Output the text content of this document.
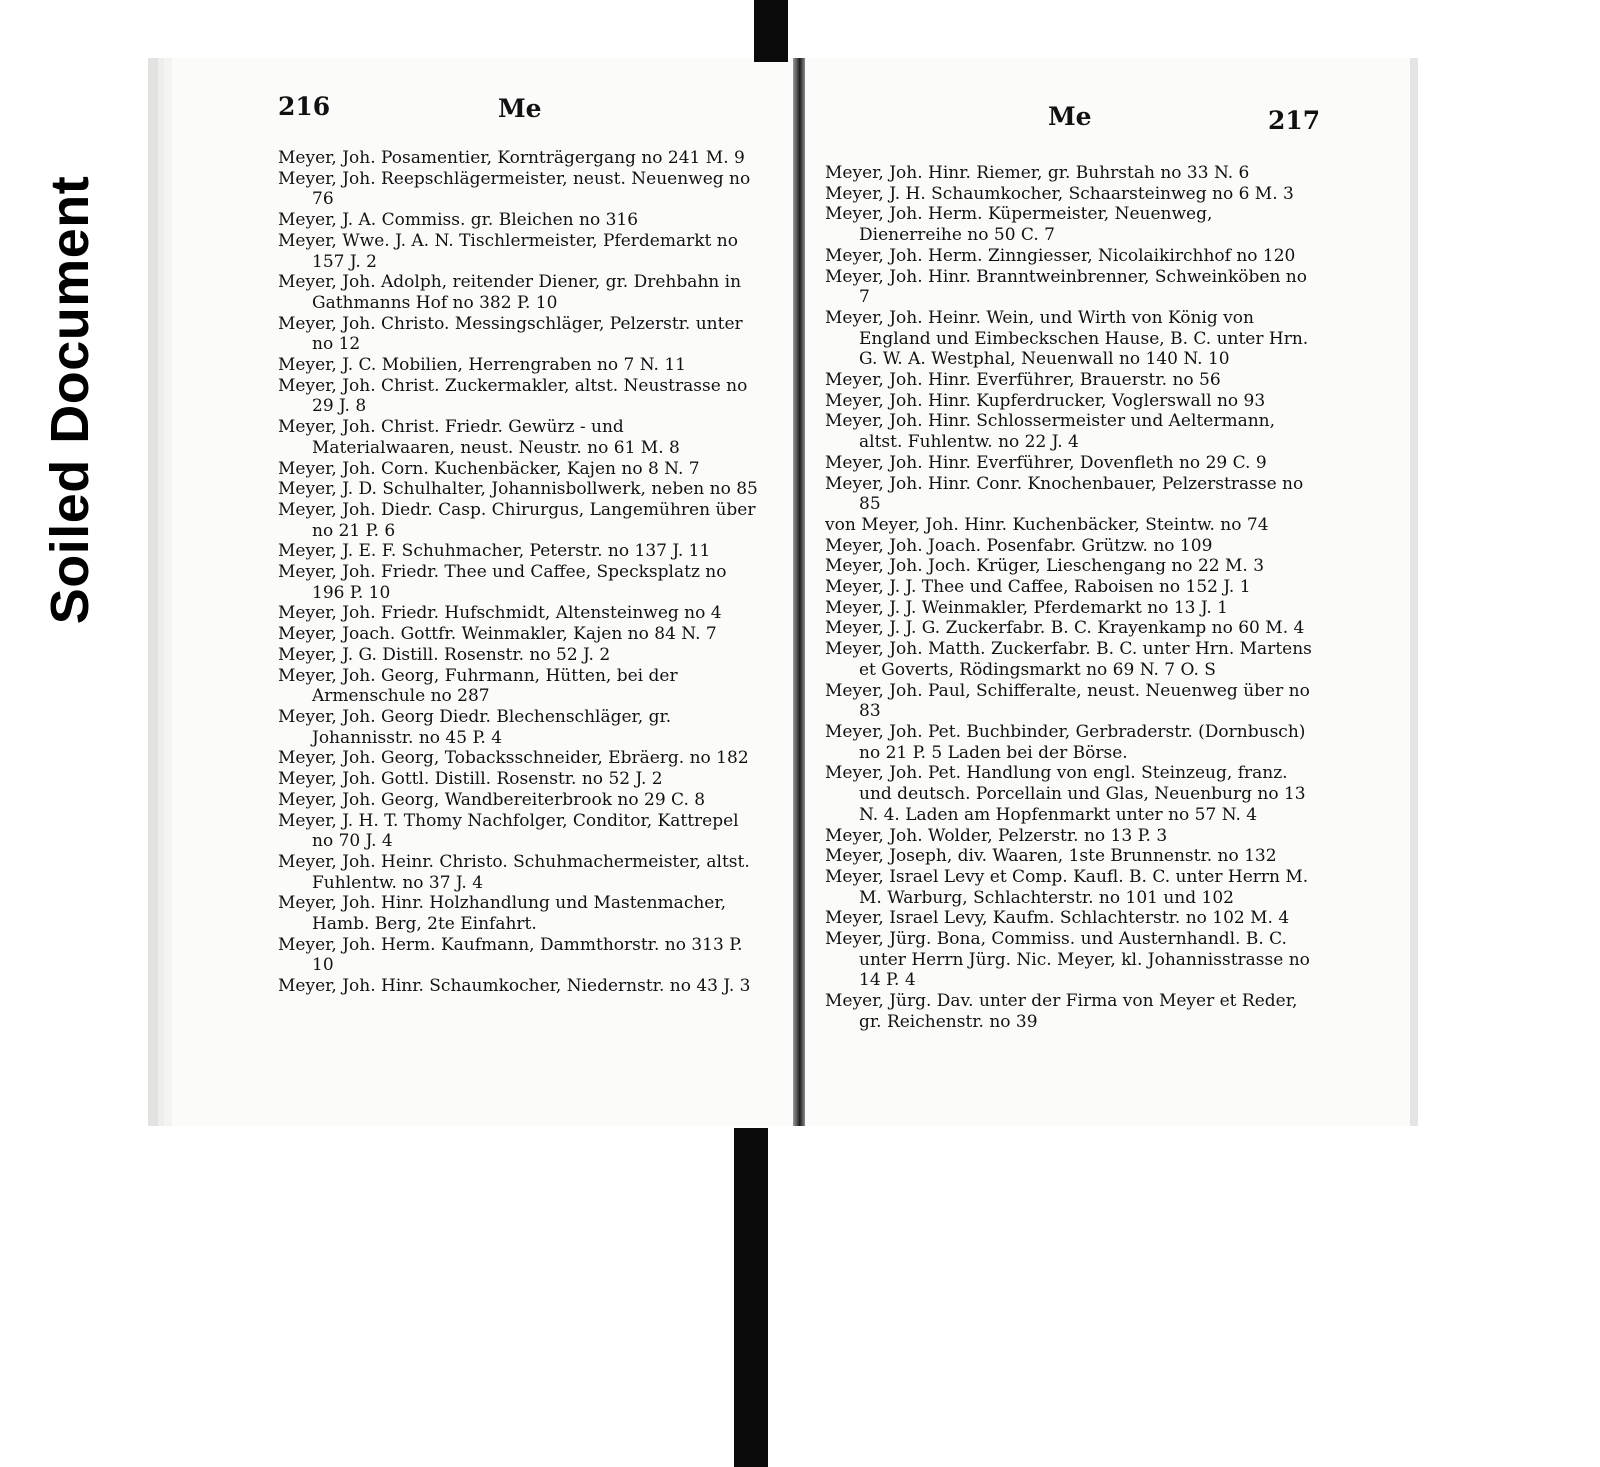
Soiled Document
216	Me
Meyer, Joh. Posamentier, Kornträgergang no 241 M. 9
Meyer, Joh. Reepschlägermeister, neust. Neuenweg no 76
Meyer, J. A. Commiss. gr. Bleichen no 316
Meyer, Wwe. J. A. N. Tischlermeister, Pferdemarkt no 157 J. 2
Meyer, Joh. Adolph, reitender Diener, gr. Drehbahn in Gathmanns Hof no 382 P. 10
Meyer, Joh. Christo. Messingschläger, Pelzerstr. unter no 12
Meyer, J. C. Mobilien, Herrengraben no 7 N. 11
Meyer, Joh. Christ. Zuckermakler, altst. Neustrasse no 29 J. 8
Meyer, Joh. Christ. Friedr. Gewürz - und Materialwaaren, neust. Neustr. no 61 M. 8
Meyer, Joh. Corn. Kuchenbäcker, Kajen no 8 N. 7
Meyer, J. D. Schulhalter, Johannisbollwerk, neben no 85
Meyer, Joh. Diedr. Casp. Chirurgus, Langemühren über no 21 P. 6
Meyer, J. E. F. Schuhmacher, Peterstr. no 137 J. 11
Meyer, Joh. Friedr. Thee und Caffee, Specksplatz no 196 P. 10
Meyer, Joh. Friedr. Hufschmidt, Altensteinweg no 4
Meyer, Joach. Gottfr. Weinmakler, Kajen no 84 N. 7
Meyer, J. G. Distill. Rosenstr. no 52 J. 2
Meyer, Joh. Georg, Fuhrmann, Hütten, bei der Armenschule no 287
Meyer, Joh. Georg Diedr. Blechenschläger, gr. Johannisstr. no 45 P. 4
Meyer, Joh. Georg, Tobacksschneider, Ebräerg. no 182
Meyer, Joh. Gottl. Distill. Rosenstr. no 52 J. 2
Meyer, Joh. Georg, Wandbereiterbrook no 29 C. 8
Meyer, J. H. T. Thomy Nachfolger, Conditor, Kattrepel no 70 J. 4
Meyer, Joh. Heinr. Christo. Schuhmachermeister, altst. Fuhlentw. no 37 J. 4
Meyer, Joh. Hinr. Holzhandlung und Mastenmacher, Hamb. Berg, 2te Einfahrt.
Meyer, Joh. Herm. Kaufmann, Dammthorstr. no 313 P. 10
Meyer, Joh. Hinr. Schaumkocher, Niedernstr. no 43 J. 3
Me	217
Meyer, Joh. Hinr. Riemer, gr. Buhrstah no 33 N. 6
Meyer, J. H. Schaumkocher, Schaarsteinweg no 6 M. 3
Meyer, Joh. Herm. Küpermeister, Neuenweg, Dienerreihe no 50 C. 7
Meyer, Joh. Herm. Zinngiesser, Nicolaikirchhof no 120
Meyer, Joh. Hinr. Branntweinbrenner, Schweinköben no 7
Meyer, Joh. Heinr. Wein, und Wirth von König von England und Eimbeckschen Hause, B. C. unter Hrn. G. W. A. Westphal, Neuenwall no 140 N. 10
Meyer, Joh. Hinr. Everführer, Brauerstr. no 56
Meyer, Joh. Hinr. Kupferdrucker, Voglerswall no 93
Meyer, Joh. Hinr. Schlossermeister und Aeltermann, altst. Fuhlentw. no 22 J. 4
Meyer, Joh. Hinr. Everführer, Dovenfleth no 29 C. 9
Meyer, Joh. Hinr. Conr. Knochenbauer, Pelzerstrasse no 85
von Meyer, Joh. Hinr. Kuchenbäcker, Steintw. no 74
Meyer, Joh. Joach. Posenfabr. Grützw. no 109
Meyer, Joh. Joch. Krüger, Lieschengang no 22 M. 3
Meyer, J. J. Thee und Caffee, Raboisen no 152 J. 1
Meyer, J. J. Weinmakler, Pferdemarkt no 13 J. 1
Meyer, J. J. G. Zuckerfabr. B. C. Krayenkamp no 60 M. 4
Meyer, Joh. Matth. Zuckerfabr. B. C. unter Hrn. Martens et Goverts, Rödingsmarkt no 69 N. 7 O. S
Meyer, Joh. Paul, Schifferalte, neust. Neuenweg über no 83
Meyer, Joh. Pet. Buchbinder, Gerbraderstr. (Dornbusch) no 21 P. 5 Laden bei der Börse.
Meyer, Joh. Pet. Handlung von engl. Steinzeug, franz. und deutsch. Porcellain und Glas, Neuenburg no 13 N. 4. Laden am Hopfenmarkt unter no 57 N. 4
Meyer, Joh. Wolder, Pelzerstr. no 13 P. 3
Meyer, Joseph, div. Waaren, 1ste Brunnenstr. no 132
Meyer, Israel Levy et Comp. Kaufl. B. C. unter Herrn M. M. Warburg, Schlachterstr. no 101 und 102
Meyer, Israel Levy, Kaufm. Schlachterstr. no 102 M. 4
Meyer, Jürg. Bona, Commiss. und Austernhandl. B. C. unter Herrn Jürg. Nic. Meyer, kl. Johannisstrasse no 14 P. 4
Meyer, Jürg. Dav. unter der Firma von Meyer et Reder, gr. Reichenstr. no 39
